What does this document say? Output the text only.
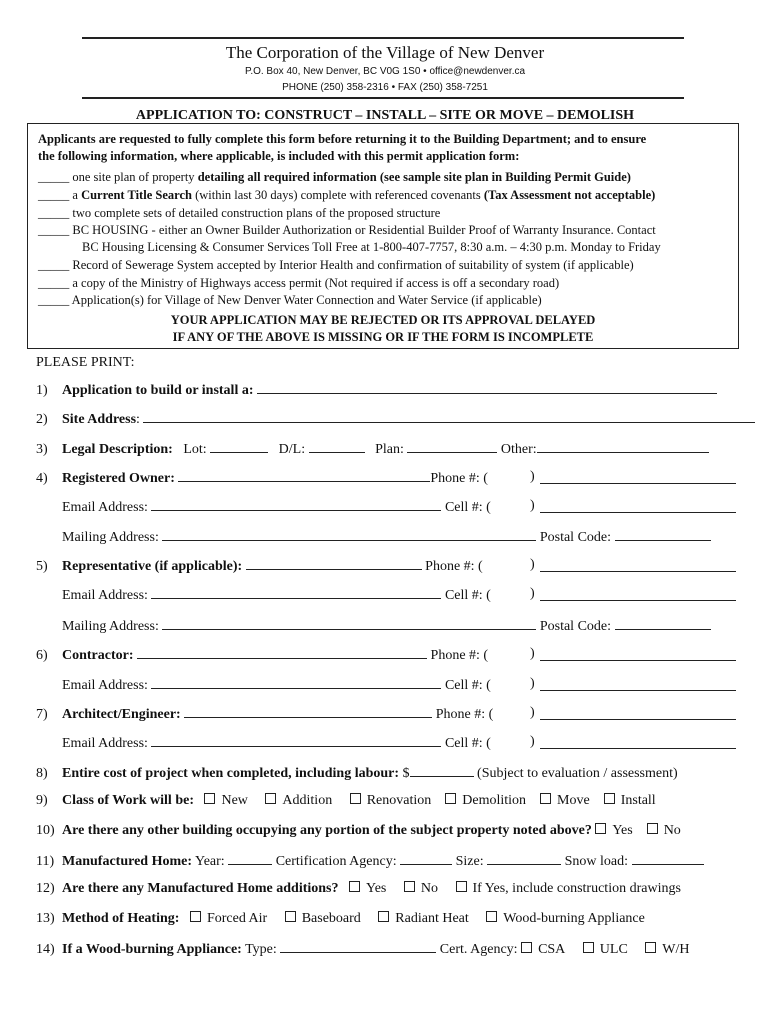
The Corporation of the Village of New Denver
P.O. Box 40, New Denver, BC V0G 1S0 • office@newdenver.ca
PHONE (250) 358-2316 • FAX (250) 358-7251
APPLICATION TO: CONSTRUCT – INSTALL – SITE OR MOVE – DEMOLISH
Applicants are requested to fully complete this form before returning it to the Building Department; and to ensure
the following information, where applicable, is included with this permit application form:
_____ one site plan of property detailing all required information (see sample site plan in Building Permit Guide)
_____ a Current Title Search (within last 30 days) complete with referenced covenants (Tax Assessment not acceptable)
_____ two complete sets of detailed construction plans of the proposed structure
_____ BC HOUSING - either an Owner Builder Authorization or Residential Builder Proof of Warranty Insurance. Contact
BC Housing Licensing & Consumer Services Toll Free at 1-800-407-7757, 8:30 a.m. – 4:30 p.m. Monday to Friday
_____ Record of Sewerage System accepted by Interior Health and confirmation of suitability of system (if applicable)
_____ a copy of the Ministry of Highways access permit (Not required if access is off a secondary road)
_____ Application(s) for Village of New Denver Water Connection and Water Service (if applicable)
YOUR APPLICATION MAY BE REJECTED OR ITS APPROVAL DELAYED
IF ANY OF THE ABOVE IS MISSING OR IF THE FORM IS INCOMPLETE
PLEASE PRINT:
1) Application to build or install a:
2) Site Address:
3) Legal Description: Lot:	D/L:	Plan:	Other:
4) Registered Owner:	Phone #: (	)
Email Address:	Cell #: (	)
Mailing Address:	Postal Code:
5) Representative (if applicable):	Phone #: (	)
Email Address:	Cell #: (	)
Mailing Address:	Postal Code:
6) Contractor:	Phone #: (	)
Email Address:	Cell #: (	)
7) Architect/Engineer:	Phone #: (	)
Email Address:	Cell #: (	)
8) Entire cost of project when completed, including labour: $	(Subject to evaluation / assessment)
9) Class of Work will be: New Addition Renovation Demolition Move Install
10) Are there any other building occupying any portion of the subject property noted above? Yes No
11) Manufactured Home: Year:	Certification Agency:	Size:	Snow load:
12) Are there any Manufactured Home additions? Yes No If Yes, include construction drawings
13) Method of Heating: Forced Air Baseboard Radiant Heat Wood-burning Appliance
14) If a Wood-burning Appliance: Type:	Cert. Agency: CSA ULC W/H
